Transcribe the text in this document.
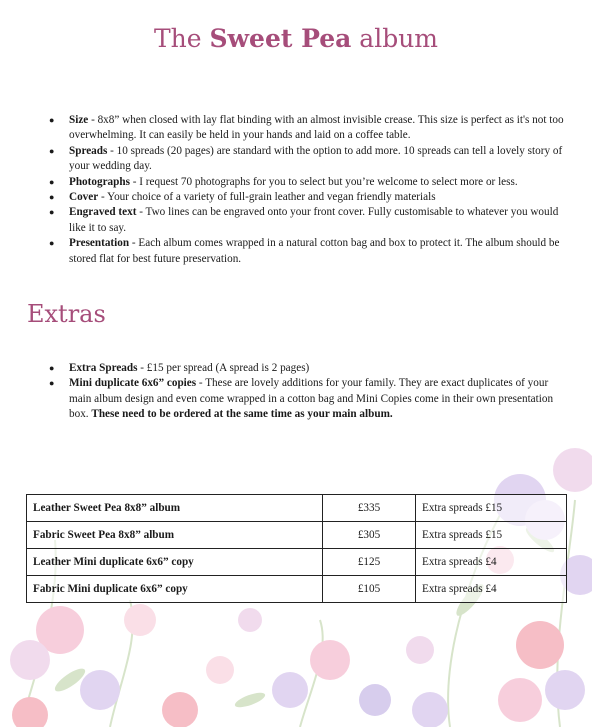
The Sweet Pea album
● Size - 8x8” when closed with lay flat binding with an almost invisible crease. This size is perfect as it's not too overwhelming. It can easily be held in your hands and laid on a coffee table.
● Spreads - 10 spreads (20 pages) are standard with the option to add more. 10 spreads can tell a lovely story of your wedding day.
● Photographs - I request 70 photographs for you to select but you’re welcome to select more or less.
● Cover - Your choice of a variety of full-grain leather and vegan friendly materials
● Engraved text - Two lines can be engraved onto your front cover. Fully customisable to whatever you would like it to say.
● Presentation - Each album comes wrapped in a natural cotton bag and box to protect it. The album should be stored flat for best future preservation.
Extras
● Extra Spreads - £15 per spread (A spread is 2 pages)
● Mini duplicate 6x6” copies - These are lovely additions for your family. They are exact duplicates of your main album design and even come wrapped in a cotton bag and Mini Copies come in their own presentation box. These need to be ordered at the same time as your main album.
Leather Sweet Pea 8x8” album	£335	Extra spreads £15
Fabric Sweet Pea 8x8” album	£305	Extra spreads £15
Leather Mini duplicate 6x6” copy	£125	Extra spreads £4
Fabric Mini duplicate 6x6” copy	£105	Extra spreads £4
